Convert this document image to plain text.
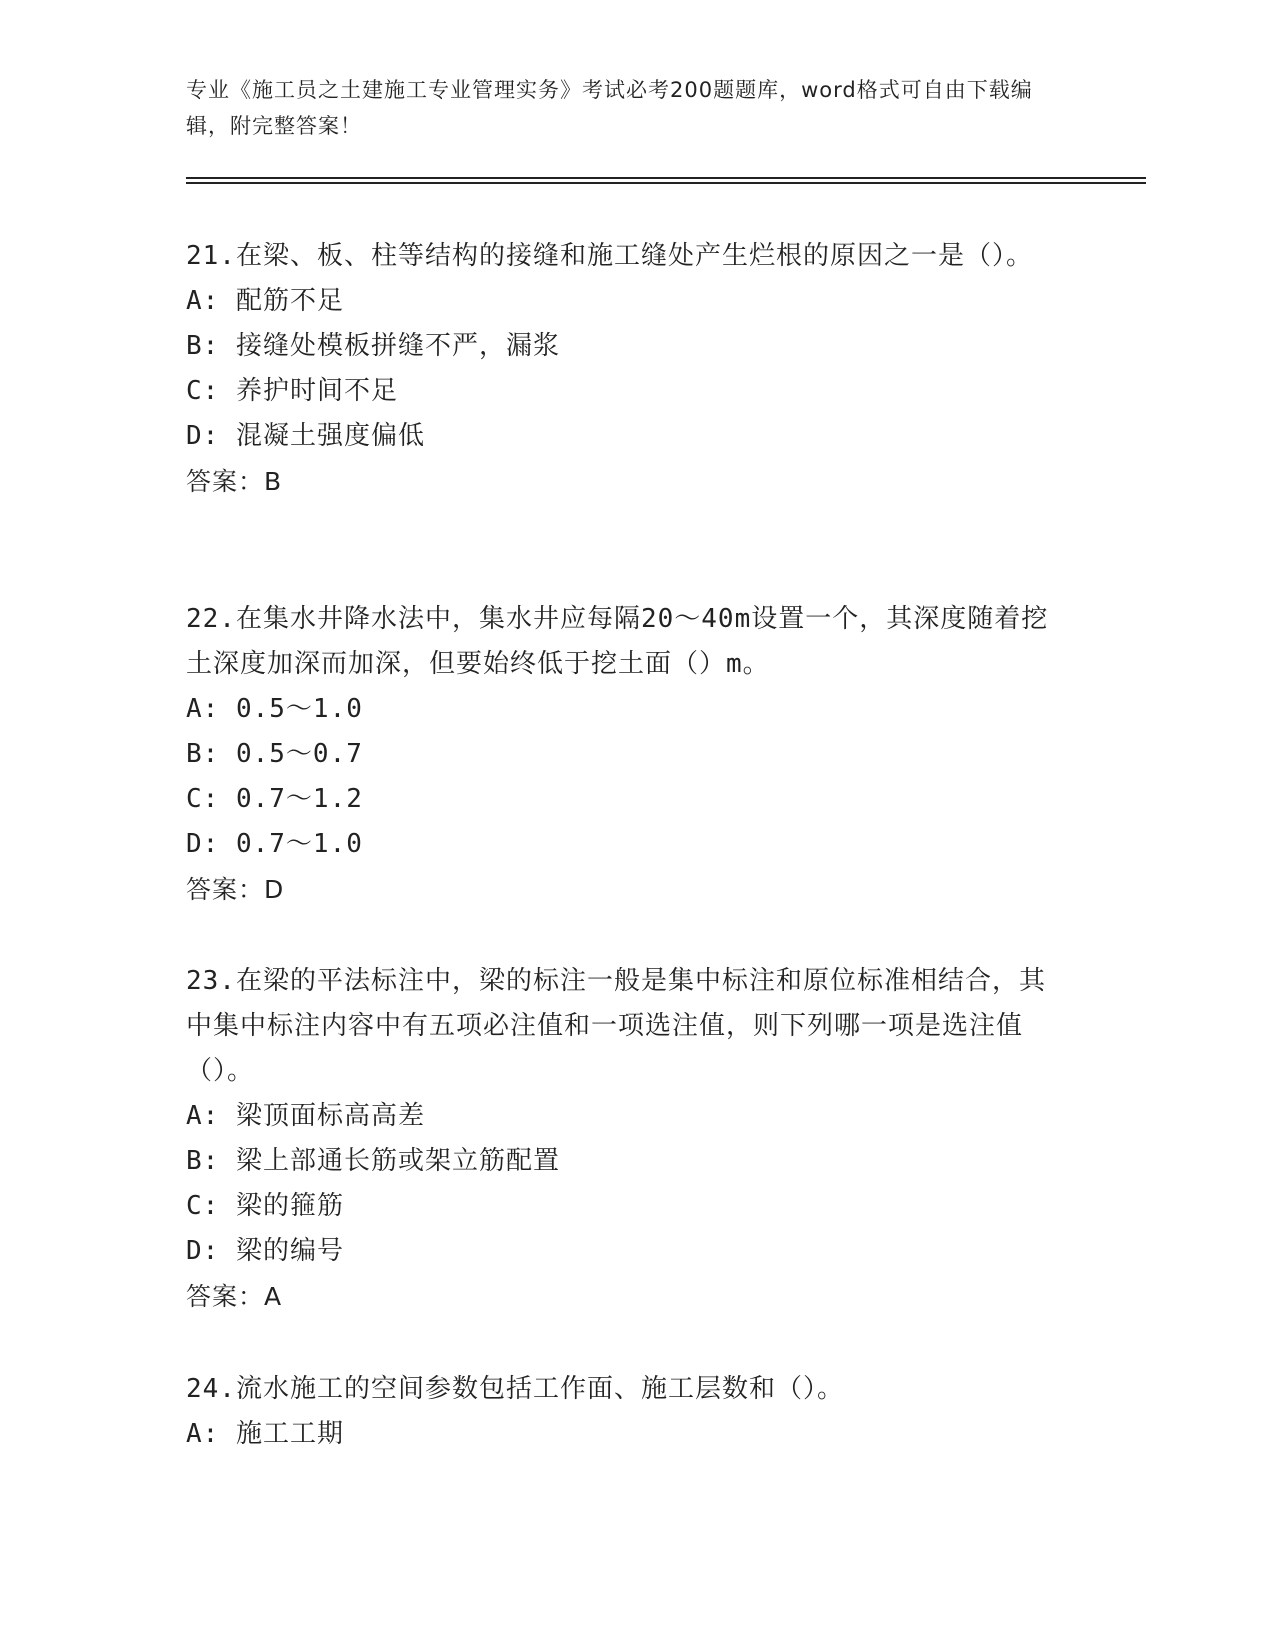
专业《施工员之土建施工专业管理实务》考试必考200题题库，word格式可自由下载编辑，附完整答案！

21.在梁、板、柱等结构的接缝和施工缝处产生烂根的原因之一是（）。

A: 配筋不足

B: 接缝处模板拼缝不严，漏浆

C: 养护时间不足

D: 混凝土强度偏低

答案：B

22.在集水井降水法中，集水井应每隔20～40m设置一个，其深度随着挖土深度加深而加深，但要始终低于挖土面（）m。

A: 0.5～1.0

B: 0.5～0.7

C: 0.7～1.2

D: 0.7～1.0

答案：D

23.在梁的平法标注中，梁的标注一般是集中标注和原位标准相结合，其中集中标注内容中有五项必注值和一项选注值，则下列哪一项是选注值（）。

A: 梁顶面标高高差

B: 梁上部通长筋或架立筋配置

C: 梁的箍筋

D: 梁的编号

答案：A

24.流水施工的空间参数包括工作面、施工层数和（）。

A: 施工工期
